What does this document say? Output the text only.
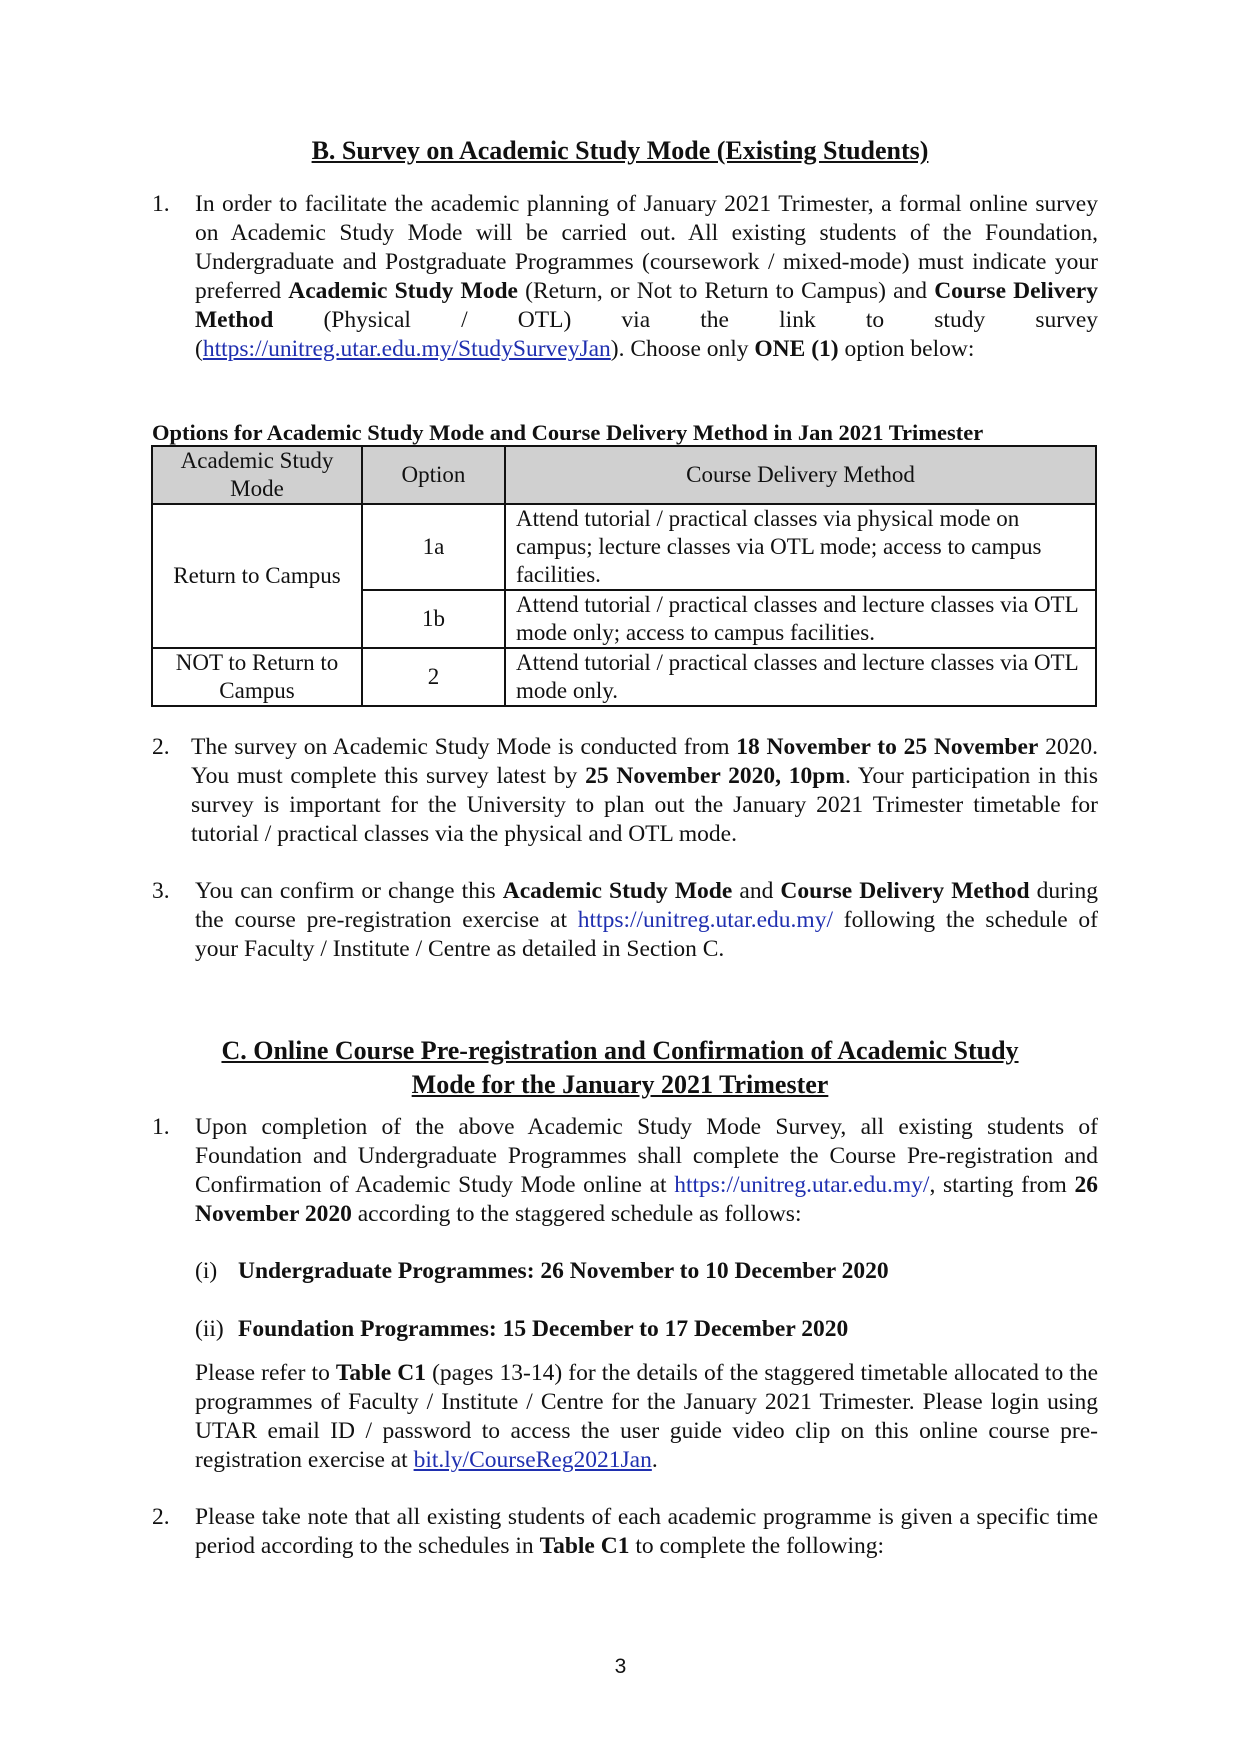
B. Survey on Academic Study Mode (Existing Students)
1. In order to facilitate the academic planning of January 2021 Trimester, a formal online survey on Academic Study Mode will be carried out. All existing students of the Foundation, Undergraduate and Postgraduate Programmes (coursework / mixed-mode) must indicate your preferred Academic Study Mode (Return, or Not to Return to Campus) and Course Delivery Method (Physical / OTL) via the link to study survey (https://unitreg.utar.edu.my/StudySurveyJan). Choose only ONE (1) option below:
Options for Academic Study Mode and Course Delivery Method in Jan 2021 Trimester
Academic Study Mode	Option	Course Delivery Method
Return to Campus	1a	Attend tutorial / practical classes via physical mode on campus; lecture classes via OTL mode; access to campus facilities.
	1b	Attend tutorial / practical classes and lecture classes via OTL mode only; access to campus facilities.
NOT to Return to Campus	2	Attend tutorial / practical classes and lecture classes via OTL mode only.
2. The survey on Academic Study Mode is conducted from 18 November to 25 November 2020. You must complete this survey latest by 25 November 2020, 10pm. Your participation in this survey is important for the University to plan out the January 2021 Trimester timetable for tutorial / practical classes via the physical and OTL mode.
3. You can confirm or change this Academic Study Mode and Course Delivery Method during the course pre-registration exercise at https://unitreg.utar.edu.my/ following the schedule of your Faculty / Institute / Centre as detailed in Section C.
C. Online Course Pre-registration and Confirmation of Academic Study
Mode for the January 2021 Trimester
1. Upon completion of the above Academic Study Mode Survey, all existing students of Foundation and Undergraduate Programmes shall complete the Course Pre-registration and Confirmation of Academic Study Mode online at https://unitreg.utar.edu.my/, starting from 26 November 2020 according to the staggered schedule as follows:
(i) Undergraduate Programmes: 26 November to 10 December 2020
(ii) Foundation Programmes: 15 December to 17 December 2020
Please refer to Table C1 (pages 13-14) for the details of the staggered timetable allocated to the programmes of Faculty / Institute / Centre for the January 2021 Trimester. Please login using UTAR email ID / password to access the user guide video clip on this online course pre-registration exercise at bit.ly/CourseReg2021Jan.
2. Please take note that all existing students of each academic programme is given a specific time period according to the schedules in Table C1 to complete the following:
3
